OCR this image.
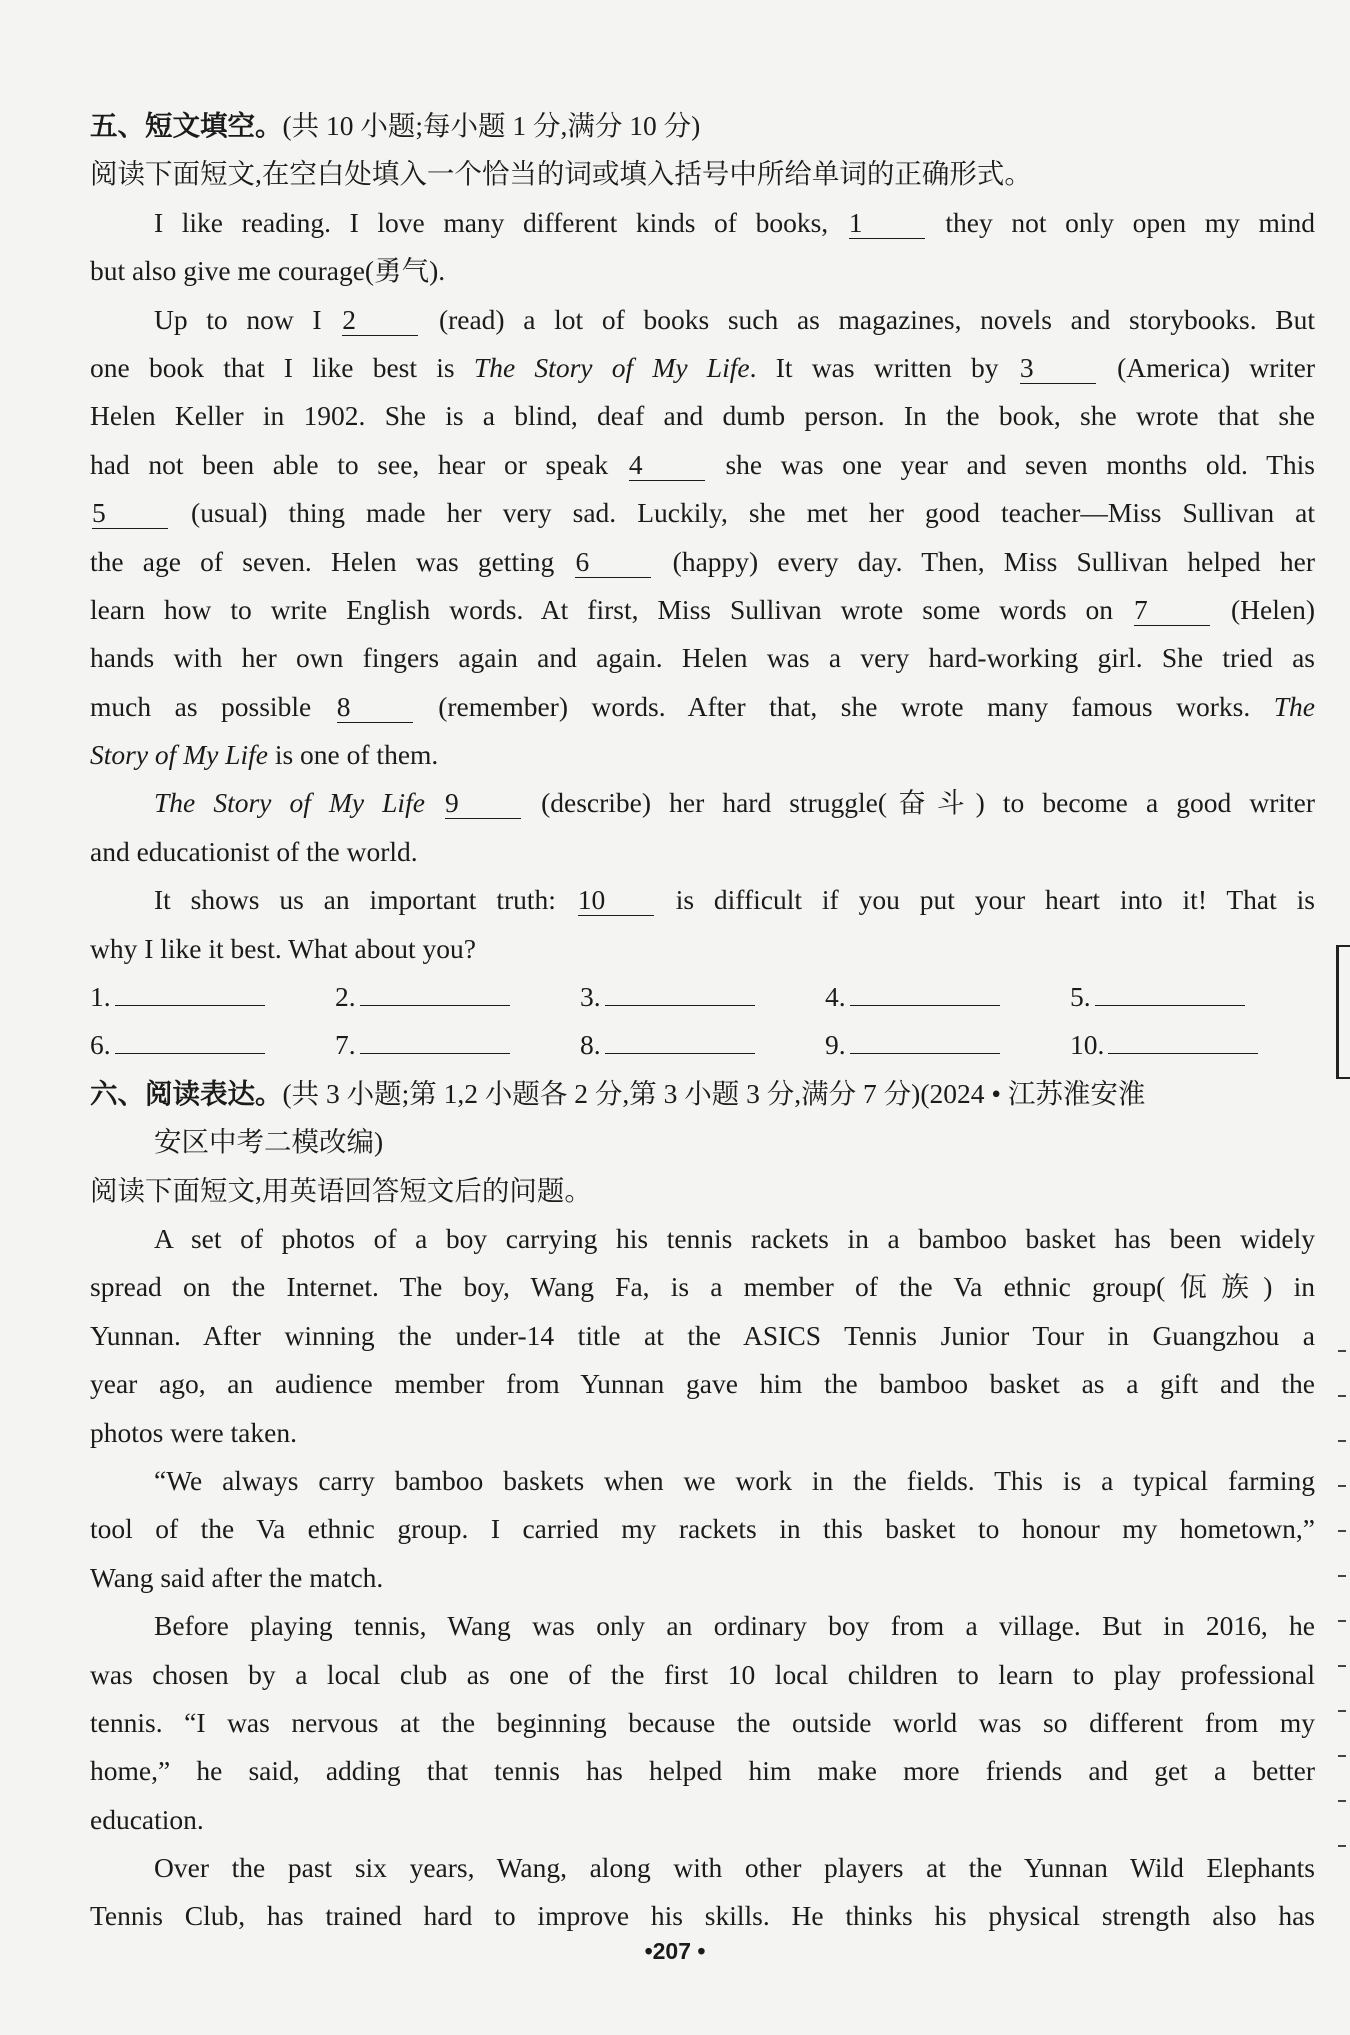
五、短文填空。(共 10 小题;每小题 1 分,满分 10 分)
阅读下面短文,在空白处填入一个恰当的词或填入括号中所给单词的正确形式。
I like reading. I love many different kinds of books, 1	they not only open my mind
but also give me courage(勇气).
Up to now I 2	(read) a lot of books such as magazines, novels and storybooks. But
one book that I like best is The Story of My Life. It was written by 3	(America) writer
Helen Keller in 1902. She is a blind, deaf and dumb person. In the book, she wrote that she
had not been able to see, hear or speak 4	she was one year and seven months old. This
5	(usual) thing made her very sad. Luckily, she met her good teacher—Miss Sullivan at
the age of seven. Helen was getting 6	(happy) every day. Then, Miss Sullivan helped her
learn how to write English words. At first, Miss Sullivan wrote some words on 7	(Helen)
hands with her own fingers again and again. Helen was a very hard-working girl. She tried as
much as possible 8	(remember) words. After that, she wrote many famous works. The
Story of My Life is one of them.
The Story of My Life 9	(describe) her hard struggle(奋斗) to become a good writer
and educationist of the world.
It shows us an important truth: 10	is difficult if you put your heart into it! That is
why I like it best. What about you?
1.	2.	3.	4.	5.
6.	7.	8.	9.	10.
六、阅读表达。(共 3 小题;第 1,2 小题各 2 分,第 3 小题 3 分,满分 7 分)(2024 • 江苏淮安淮
安区中考二模改编)
阅读下面短文,用英语回答短文后的问题。
A set of photos of a boy carrying his tennis rackets in a bamboo basket has been widely
spread on the Internet. The boy, Wang Fa, is a member of the Va ethnic group(佤族) in
Yunnan. After winning the under-14 title at the ASICS Tennis Junior Tour in Guangzhou a
year ago, an audience member from Yunnan gave him the bamboo basket as a gift and the
photos were taken.
“We always carry bamboo baskets when we work in the fields. This is a typical farming
tool of the Va ethnic group. I carried my rackets in this basket to honour my hometown,”
Wang said after the match.
Before playing tennis, Wang was only an ordinary boy from a village. But in 2016, he
was chosen by a local club as one of the first 10 local children to learn to play professional
tennis. “I was nervous at the beginning because the outside world was so different from my
home,” he said, adding that tennis has helped him make more friends and get a better
education.
Over the past six years, Wang, along with other players at the Yunnan Wild Elephants
Tennis Club, has trained hard to improve his skills. He thinks his physical strength also has
•207 •
